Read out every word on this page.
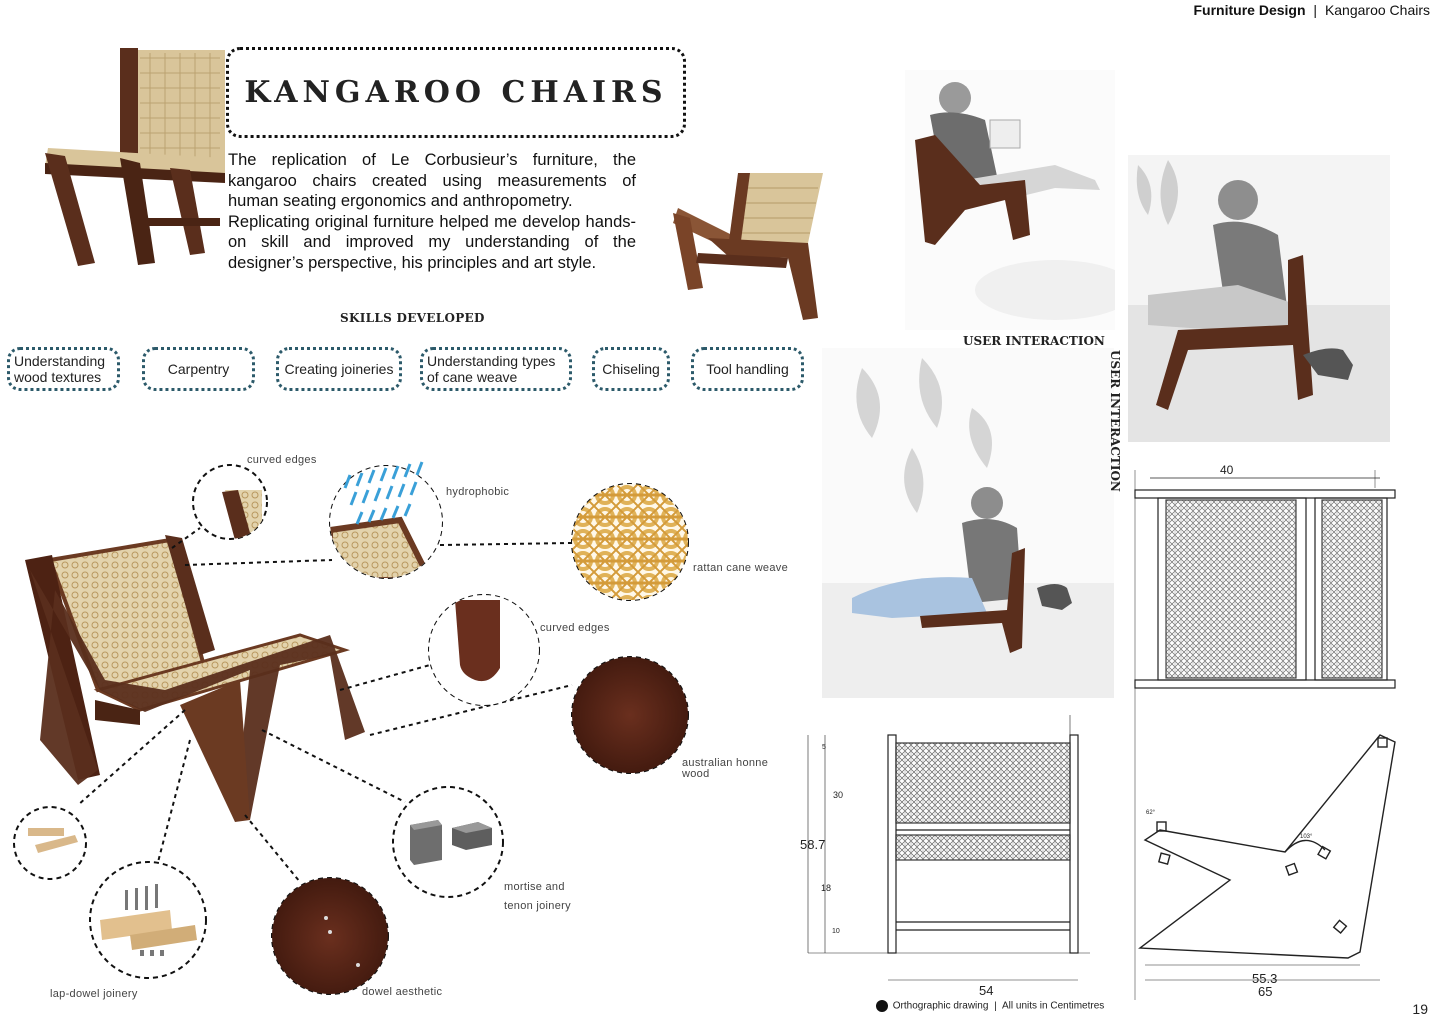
Furniture Design | Kangaroo Chairs
KANGAROO CHAIRS

The replication of Le Corbusieur’s furniture, the kangaroo chairs created using measurements of human seating ergonomics and anthropometry.

Replicating original furniture helped me develop hands-on skill and improved my understanding of the designer’s perspective, his principles and art style.

SKILLS DEVELOPED
Understanding wood textures	Carpentry	Creating joineries Understanding types of cane weave	Chiseling	Tool handling
curved edges
hydrophobic
rattan cane weave
curved edges
australian honne wood
mortise and tenon joinery
dowel aesthetic
lap-dowel joinery
USER INTERACTION
USER INTERACTION	40
58.7
30
18
10
5
54
55.3
65
103°
62°
Orthographic drawing | All units in Centimetres	19
